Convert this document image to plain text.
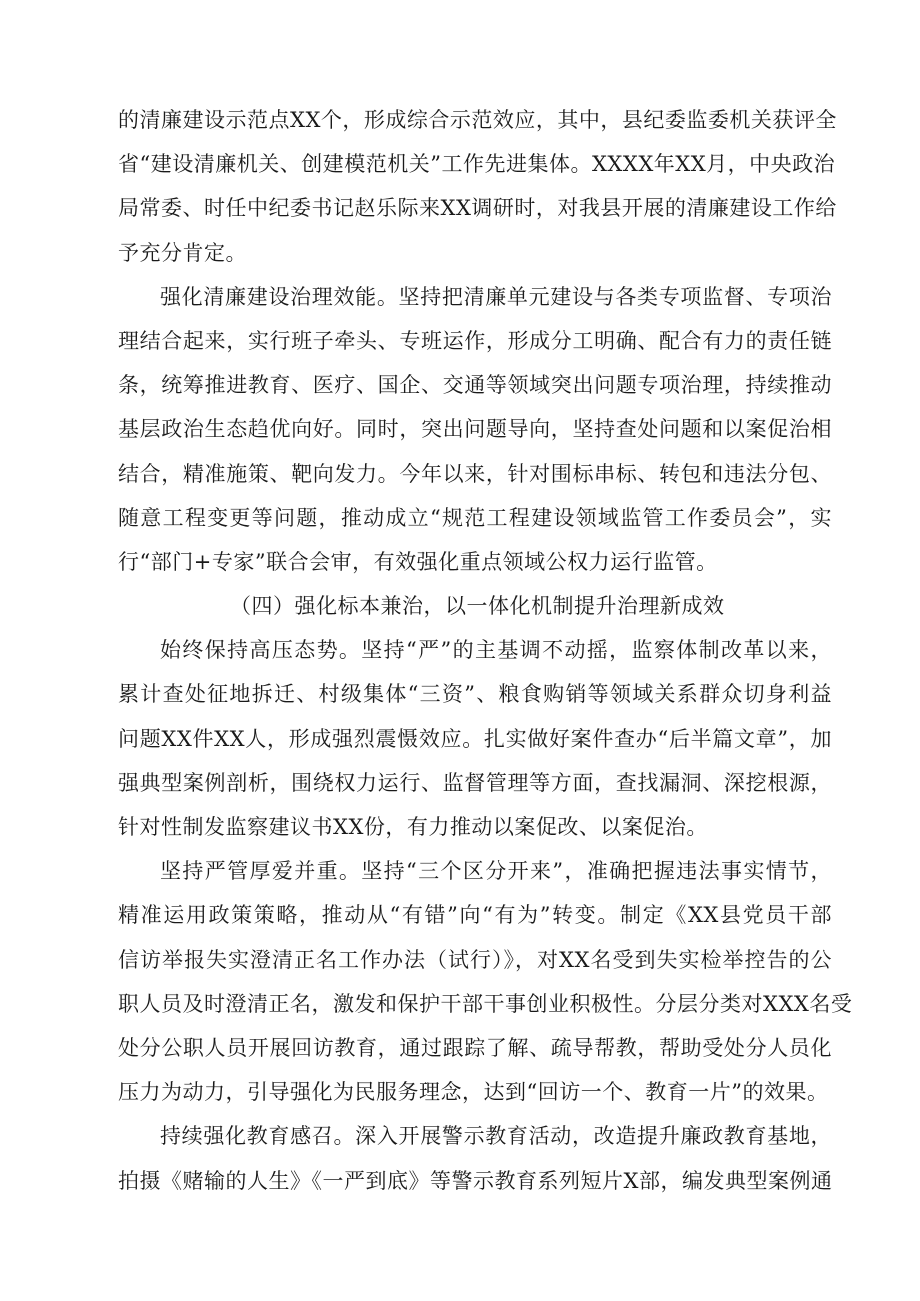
的清廉建设示范点XX个，形成综合示范效应，其中，县纪委监委机关获评全
省“建设清廉机关、创建模范机关”工作先进集体。XXXX年XX月，中央政治
局常委、时任中纪委书记赵乐际来XX调研时，对我县开展的清廉建设工作给
予充分肯定。
强化清廉建设治理效能。坚持把清廉单元建设与各类专项监督、专项治
理结合起来，实行班子牵头、专班运作，形成分工明确、配合有力的责任链
条，统筹推进教育、医疗、国企、交通等领域突出问题专项治理，持续推动
基层政治生态趋优向好。同时，突出问题导向，坚持查处问题和以案促治相
结合，精准施策、靶向发力。今年以来，针对围标串标、转包和违法分包、
随意工程变更等问题，推动成立“规范工程建设领域监管工作委员会”，实
行“部门+专家”联合会审，有效强化重点领域公权力运行监管。
（四）强化标本兼治，以一体化机制提升治理新成效
始终保持高压态势。坚持“严”的主基调不动摇，监察体制改革以来，
累计查处征地拆迁、村级集体“三资”、粮食购销等领域关系群众切身利益
问题XX件XX人，形成强烈震慑效应。扎实做好案件查办“后半篇文章”，加
强典型案例剖析，围绕权力运行、监督管理等方面，查找漏洞、深挖根源，
针对性制发监察建议书XX份，有力推动以案促改、以案促治。
坚持严管厚爱并重。坚持“三个区分开来”，准确把握违法事实情节，
精准运用政策策略，推动从“有错”向“有为”转变。制定《XX县党员干部
信访举报失实澄清正名工作办法（试行）》，对XX名受到失实检举控告的公
职人员及时澄清正名，激发和保护干部干事创业积极性。分层分类对XXX名受
处分公职人员开展回访教育，通过跟踪了解、疏导帮教，帮助受处分人员化
压力为动力，引导强化为民服务理念，达到“回访一个、教育一片”的效果。
持续强化教育感召。深入开展警示教育活动，改造提升廉政教育基地，
拍摄《赌输的人生》《一严到底》等警示教育系列短片X部，编发典型案例通
